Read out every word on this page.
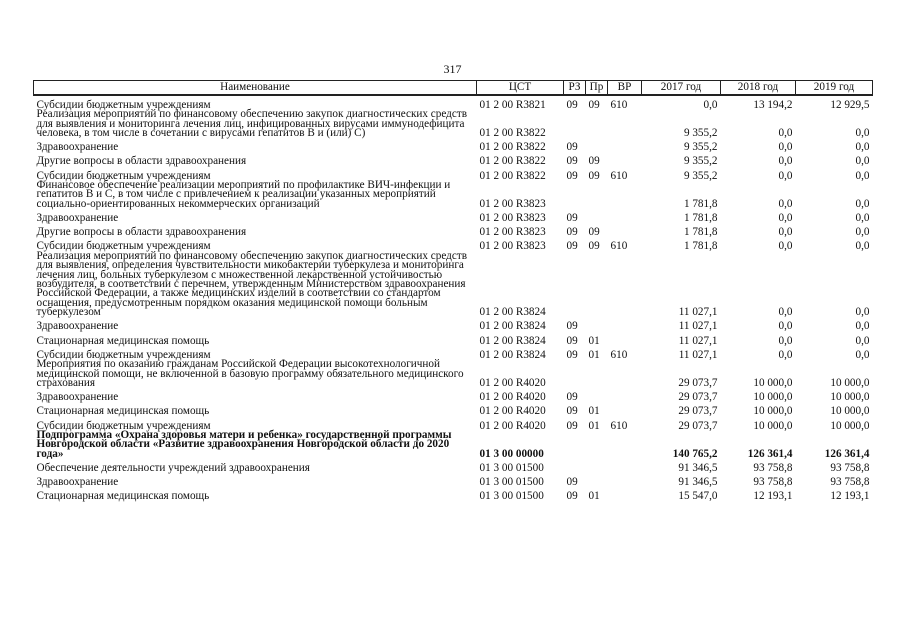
317
Наименование	ЦСТ	РЗ	Пр	ВР	2017 год	2018 год	2019 год
Субсидии бюджетным учреждениям	01 2 00 R3821	09	09	610	0,0	13 194,2	12 929,5
Реализация мероприятий по финансовому обеспечению закупок диагностических средств для выявления и мониторинга лечения лиц, инфицированных вирусами иммунодефицита человека, в том числе в сочетании с вирусами гепатитов В и (или) С)	01 2 00 R3822				9 355,2	0,0	0,0
Здравоохранение	01 2 00 R3822	09			9 355,2	0,0	0,0
Другие вопросы в области здравоохранения	01 2 00 R3822	09	09		9 355,2	0,0	0,0
Субсидии бюджетным учреждениям	01 2 00 R3822	09	09	610	9 355,2	0,0	0,0
Финансовое обеспечение реализации мероприятий по профилактике ВИЧ-инфекции и гепатитов В и С, в том числе с привлечением к реализации указанных мероприятий социально-ориентированных некоммерческих организаций	01 2 00 R3823				1 781,8	0,0	0,0
Здравоохранение	01 2 00 R3823	09			1 781,8	0,0	0,0
Другие вопросы в области здравоохранения	01 2 00 R3823	09	09		1 781,8	0,0	0,0
Субсидии бюджетным учреждениям	01 2 00 R3823	09	09	610	1 781,8	0,0	0,0
Реализация мероприятий по финансовому обеспечению закупок диагностических средств для выявления, определения чувствительности микобактерии туберкулеза и мониторинга лечения лиц, больных туберкулезом с множественной лекарственной устойчивостью возбудителя, в соответствии с перечнем, утвержденным Министерством здравоохранения Российской Федерации, а также медицинских изделий в соответствии со стандартом оснащения, предусмотренным порядком оказания медицинской помощи больным туберкулезом	01 2 00 R3824				11 027,1	0,0	0,0
Здравоохранение	01 2 00 R3824	09			11 027,1	0,0	0,0
Стационарная медицинская помощь	01 2 00 R3824	09	01		11 027,1	0,0	0,0
Субсидии бюджетным учреждениям	01 2 00 R3824	09	01	610	11 027,1	0,0	0,0
Мероприятия по оказанию гражданам Российской Федерации высокотехнологичной медицинской помощи, не включенной в базовую программу обязательного медицинского страхования	01 2 00 R4020				29 073,7	10 000,0	10 000,0
Здравоохранение	01 2 00 R4020	09			29 073,7	10 000,0	10 000,0
Стационарная медицинская помощь	01 2 00 R4020	09	01		29 073,7	10 000,0	10 000,0
Субсидии бюджетным учреждениям	01 2 00 R4020	09	01	610	29 073,7	10 000,0	10 000,0
Подпрограмма «Охрана здоровья матери и ребенка» государственной программы Новгородской области «Развитие здравоохранения Новгородской области до 2020 года»	01 3 00 00000				140 765,2	126 361,4	126 361,4
Обеспечение деятельности учреждений здравоохранения	01 3 00 01500				91 346,5	93 758,8	93 758,8
Здравоохранение	01 3 00 01500	09			91 346,5	93 758,8	93 758,8
Стационарная медицинская помощь	01 3 00 01500	09	01		15 547,0	12 193,1	12 193,1
